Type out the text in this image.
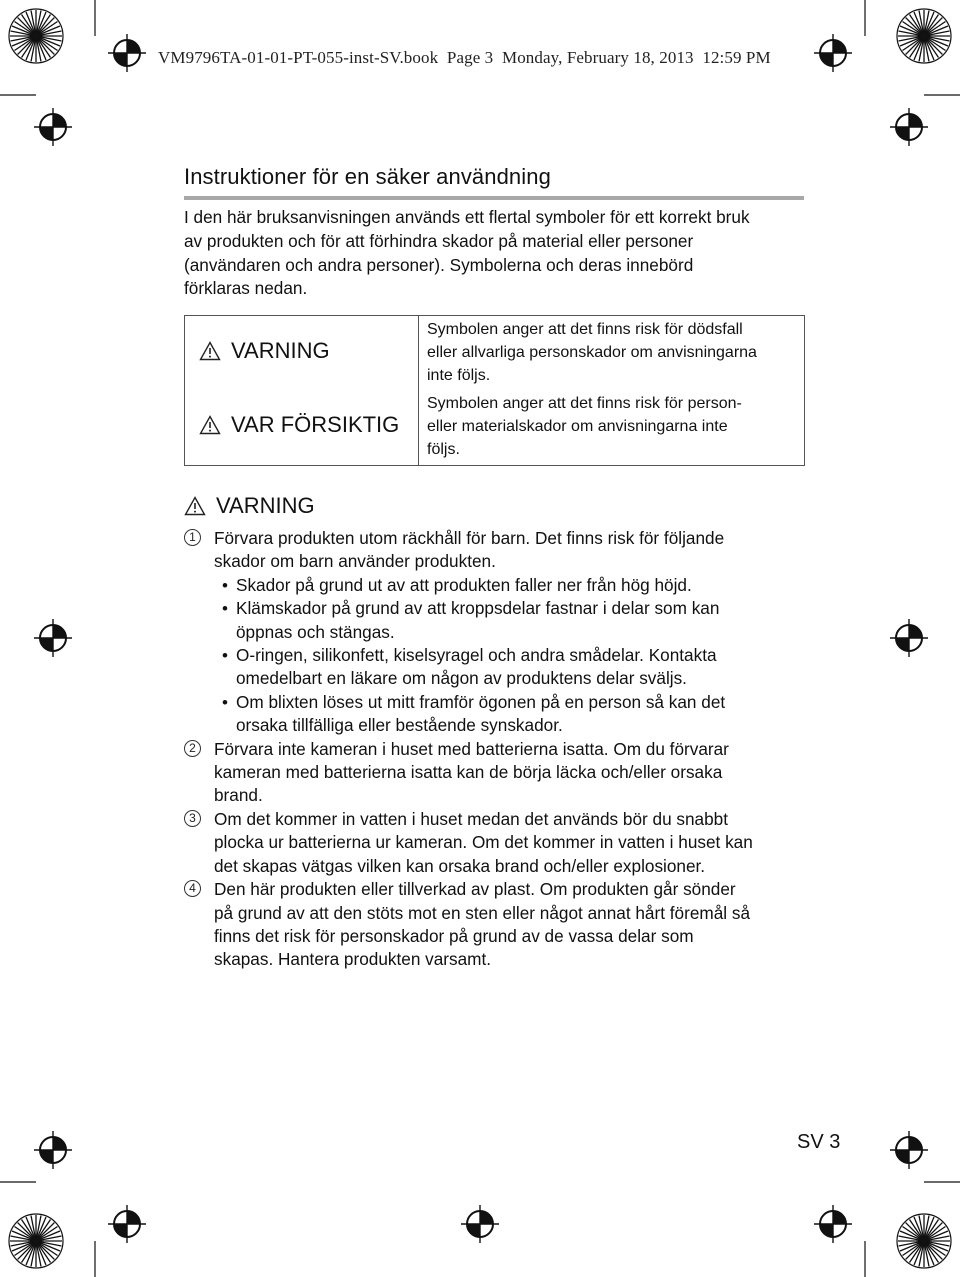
VM9796TA-01-01-PT-055-inst-SV.book  Page 3  Monday, February 18, 2013  12:59 PM
Instruktioner för en säker användning

I den här bruksanvisningen används ett flertal symboler för ett korrekt bruk
av produkten och för att förhindra skador på material eller personer
(användaren och andra personer). Symbolerna och deras innebörd
förklaras nedan.

VARNING

Symbolen anger att det finns risk för dödsfall
eller allvarliga personskador om anvisningarna
inte följs.

VAR FÖRSIKTIG

Symbolen anger att det finns risk för person-
eller materialskador om anvisningarna inte
följs.

VARNING
1 Förvara produkten utom räckhåll för barn. Det finns risk för följande
skador om barn använder produkten.
• Skador på grund ut av att produkten faller ner från hög höjd.
• Klämskador på grund av att kroppsdelar fastnar i delar som kan
öppnas och stängas.
• O-ringen, silikonfett, kiselsyragel och andra smådelar. Kontakta
omedelbart en läkare om någon av produktens delar sväljs.
• Om blixten löses ut mitt framför ögonen på en person så kan det
orsaka tillfälliga eller bestående synskador.
2 Förvara inte kameran i huset med batterierna isatta. Om du förvarar
kameran med batterierna isatta kan de börja läcka och/eller orsaka
brand.
3 Om det kommer in vatten i huset medan det används bör du snabbt
plocka ur batterierna ur kameran. Om det kommer in vatten i huset kan
det skapas vätgas vilken kan orsaka brand och/eller explosioner.
4 Den här produkten eller tillverkad av plast. Om produkten går sönder
på grund av att den stöts mot en sten eller något annat hårt föremål så
finns det risk för personskador på grund av de vassa delar som
skapas. Hantera produkten varsamt.
SV 3
